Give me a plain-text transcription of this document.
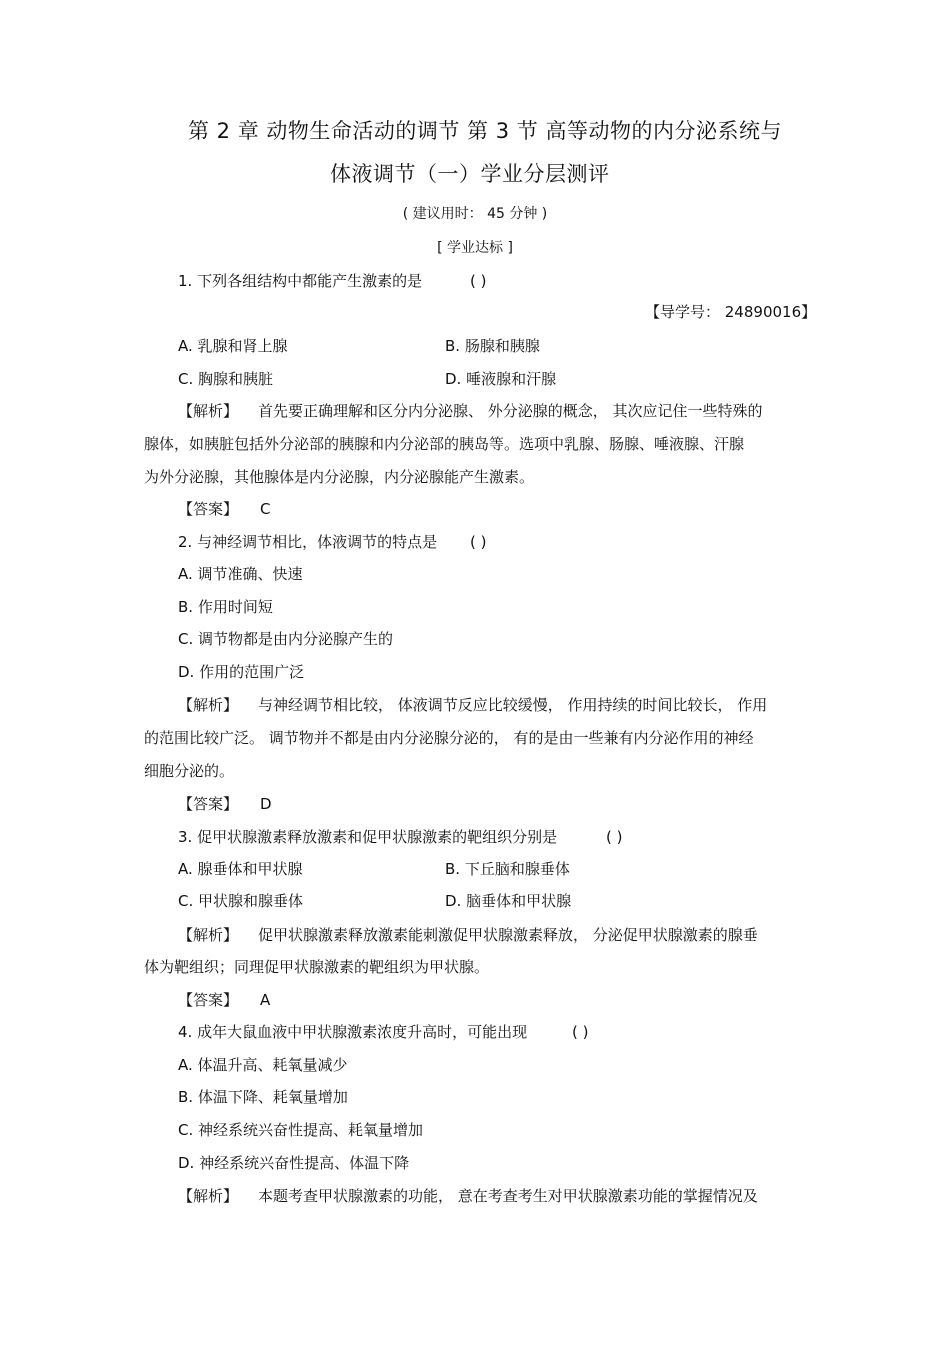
第 2 章 动物生命活动的调节 第 3 节 高等动物的内分泌系统与
体液调节（一）学业分层测评
( 建议用时： 45 分钟 )
[ 学业达标 ]
1. 下列各组结构中都能产生激素的是	( )
【导学号： 24890016】
A. 乳腺和肾上腺	B. 肠腺和胰腺
C. 胸腺和胰脏	D. 唾液腺和汗腺
【解析】 首先要正确理解和区分内分泌腺、 外分泌腺的概念， 其次应记住一些特殊的
腺体，如胰脏包括外分泌部的胰腺和内分泌部的胰岛等。选项中乳腺、肠腺、唾液腺、汗腺
为外分泌腺，其他腺体是内分泌腺，内分泌腺能产生激素。
【答案】 C
2. 与神经调节相比，体液调节的特点是 ( )
A. 调节准确、快速
B. 作用时间短
C. 调节物都是由内分泌腺产生的
D. 作用的范围广泛
【解析】 与神经调节相比较， 体液调节反应比较缓慢， 作用持续的时间比较长， 作用
的范围比较广泛。 调节物并不都是由内分泌腺分泌的， 有的是由一些兼有内分泌作用的神经
细胞分泌的。
【答案】 D
3. 促甲状腺激素释放激素和促甲状腺激素的靶组织分别是	( )
A. 腺垂体和甲状腺	B. 下丘脑和腺垂体
C. 甲状腺和腺垂体	D. 脑垂体和甲状腺
【解析】 促甲状腺激素释放激素能刺激促甲状腺激素释放， 分泌促甲状腺激素的腺垂
体为靶组织；同理促甲状腺激素的靶组织为甲状腺。
【答案】 A
4. 成年大鼠血液中甲状腺激素浓度升高时，可能出现	( )
A. 体温升高、耗氧量减少
B. 体温下降、耗氧量增加
C. 神经系统兴奋性提高、耗氧量增加
D. 神经系统兴奋性提高、体温下降
【解析】 本题考查甲状腺激素的功能， 意在考查考生对甲状腺激素功能的掌握情况及
